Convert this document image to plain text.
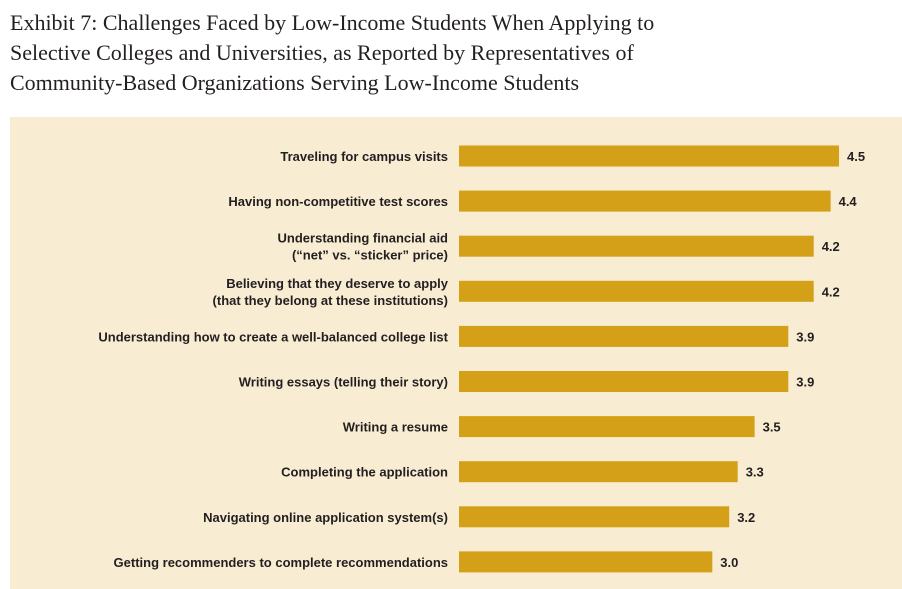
Exhibit 7: Challenges Faced by Low-Income Students When Applying to
Selective Colleges and Universities, as Reported by Representatives of
Community-Based Organizations Serving Low-Income Students
4.5
Traveling for campus visits
4.4
Having non-competitive test scores
4.2
Understanding financial aid
(“net” vs. “sticker” price)
4.2
Believing that they deserve to apply
(that they belong at these institutions)
3.9
Understanding how to create a well-balanced college list
3.9
Writing essays (telling their story)
3.5
Writing a resume
3.3
Completing the application
3.2
Navigating online application system(s)
3.0
Getting recommenders to complete recommendations
